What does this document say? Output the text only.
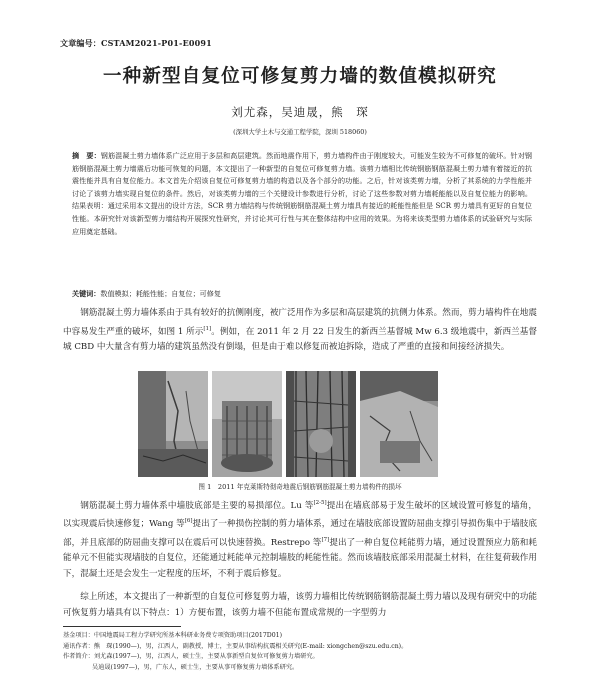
文章编号：CSTAM2021-P01-E0091
一种新型自复位可修复剪力墙的数值模拟研究
刘尤森，吴迪晟，熊　琛
(深圳大学土木与交通工程学院，深圳 518060)
摘　要：钢筋混凝土剪力墙体系广泛应用于多层和高层建筑。然而地震作用下，剪力墙构件由于刚度较大，可能发生较为不可修复的破坏。针对钢筋钢筋混凝土剪力墙震后功能可恢复的问题，本文提出了一种新型的自复位可修复剪力墙。该剪力墙相比传统钢筋钢筋混凝土剪力墙有着接近的抗震性能并具有自复位能力。本文首先介绍该自复位可修复剪力墙的构造以及各个部分的功能。之后，针对该类剪力墙，分析了其系统的力学性能并讨论了该剪力墙实现自复位的条件。然后，对该类剪力墙的三个关键设计参数进行分析，讨论了这些参数对剪力墙耗能能以及自复位能力的影响。结果表明：通过采用本文提出的设计方法，SCR 剪力墙结构与传统钢筋钢筋混凝土剪力墙具有接近的耗能性能但是 SCR 剪力墙具有更好的自复位性能。本研究针对该新型剪力墙结构开展探究性研究，并讨论其可行性与其在整体结构中应用的效果。为将来该类型剪力墙体系的试验研究与实际应用奠定基础。
关键词：数值模拟；耗能性能；自复位；可修复
钢筋混凝土剪力墙体系由于具有较好的抗侧刚度，被广泛用作为多层和高层建筑的抗侧力体系。然而，剪力墙构件在地震中容易发生严重的破坏，如图 1 所示[1]。例如，在 2011 年 2 月 22 日发生的新西兰基督城 Mw 6.3 级地震中，新西兰基督城 CBD 中大量含有剪力墙的建筑虽然没有倒塌，但是由于难以修复而被迫拆除，造成了严重的直接和间接经济损失。
图 1　2011 年克莱斯特彻奇地震后钢筋钢筋混凝土剪力墙构件的损坏
钢筋混凝土剪力墙体系中墙肢底部是主要的易损部位。Lu 等[2-5]提出在墙底部易于发生破坏的区域设置可修复的墙角，以实现震后快速修复；Wang 等[6]提出了一种损伤控制的剪力墙体系，通过在墙肢底部设置防屈曲支撑引导损伤集中于墙肢底部，并且底部的防屈曲支撑可以在震后可以快速替换。Restrepo 等[7]提出了一种自复位耗能剪力墙，通过设置预应力筋和耗能单元不但能实现墙肢的自复位，还能通过耗能单元控制墙肢的耗能性能。然而该墙肢底部采用混凝土材料，在往复荷载作用下，混凝土还是会发生一定程度的压坏，不利于震后修复。
综上所述，本文提出了一种新型的自复位可修复剪力墙，该剪力墙相比传统钢筋钢筋混凝土剪力墙以及现有研究中的功能可恢复剪力墙具有以下特点：1）方便布置，该剪力墙不但能布置成常规的一字型剪力
基金项目：中国地震局工程力学研究所基本科研业务费专项资助项目(2017D01)
通讯作者：熊　琛(1990—)，男，江西人，副教授，博士，主要从事结构抗震相关研究(E-mail: xiongchen@szu.edu.cn)。
作者简介：刘尤森(1997—)，男，江西人，硕士生，主要从事新型自复位可修复剪力墙研究。
吴迪晟(1997—)，男，广东人，硕士生，主要从事可修复剪力墙体系研究。
